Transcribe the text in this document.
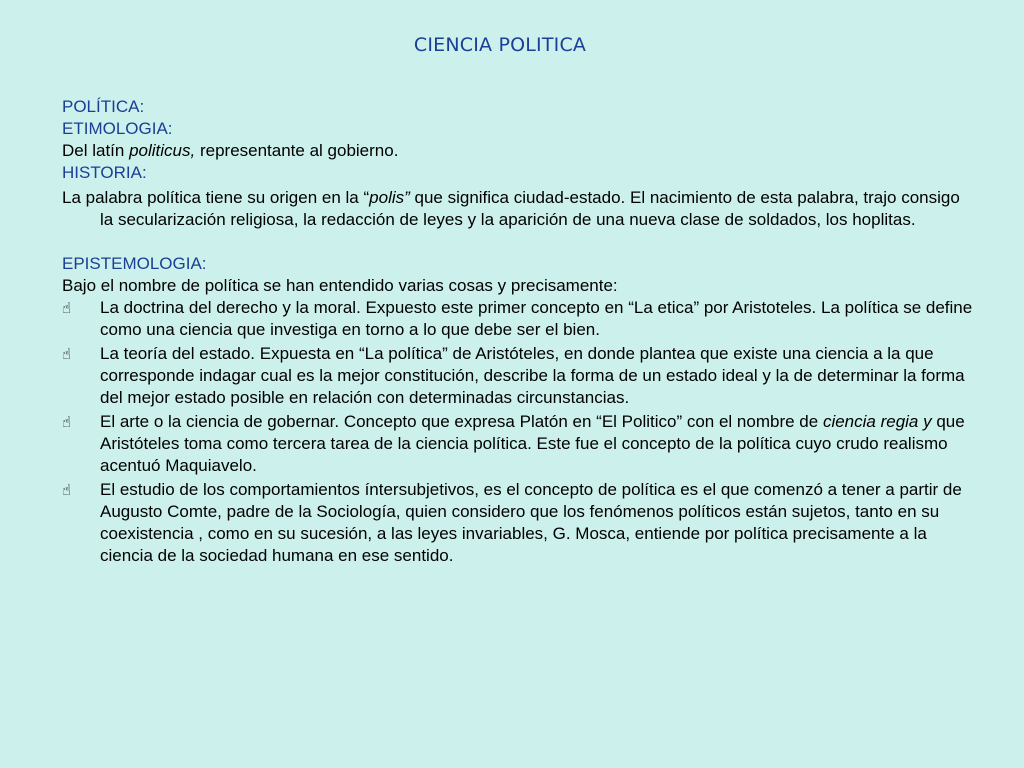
CIENCIA POLITICA

POLÍTICA:

ETIMOLOGIA:

Del latín politicus, representante al gobierno.

HISTORIA:

La palabra política tiene su origen en la “polis” que significa ciudad-estado. El nacimiento de esta palabra, trajo consigo la secularización religiosa, la redacción de leyes y la aparición de una nueva clase de soldados, los hoplitas.

EPISTEMOLOGIA:

Bajo el nombre de política se han entendido varias cosas y precisamente:

☝ La doctrina del derecho y la moral. Expuesto este primer concepto en “La etica” por Aristoteles. La política se define como una ciencia que investiga en torno a lo que debe ser el bien.
☝ La teoría del estado. Expuesta en “La política” de Aristóteles, en donde plantea que existe una ciencia a la que corresponde indagar cual es la mejor constitución, describe la forma de un estado ideal y la de determinar la forma del mejor estado posible en relación con determinadas circunstancias.
☝ El arte o la ciencia de gobernar. Concepto que expresa Platón en “El Politico” con el nombre de ciencia regia y que Aristóteles toma como tercera tarea de la ciencia política. Este fue el concepto de la política cuyo crudo realismo acentuó Maquiavelo.
☝ El estudio de los comportamientos íntersubjetivos, es el concepto de política es el que comenzó a tener a partir de Augusto Comte, padre de la Sociología, quien considero que los fenómenos políticos están sujetos, tanto en su coexistencia , como en su sucesión, a las leyes invariables, G. Mosca, entiende por política precisamente a la ciencia de la sociedad humana en ese sentido.
